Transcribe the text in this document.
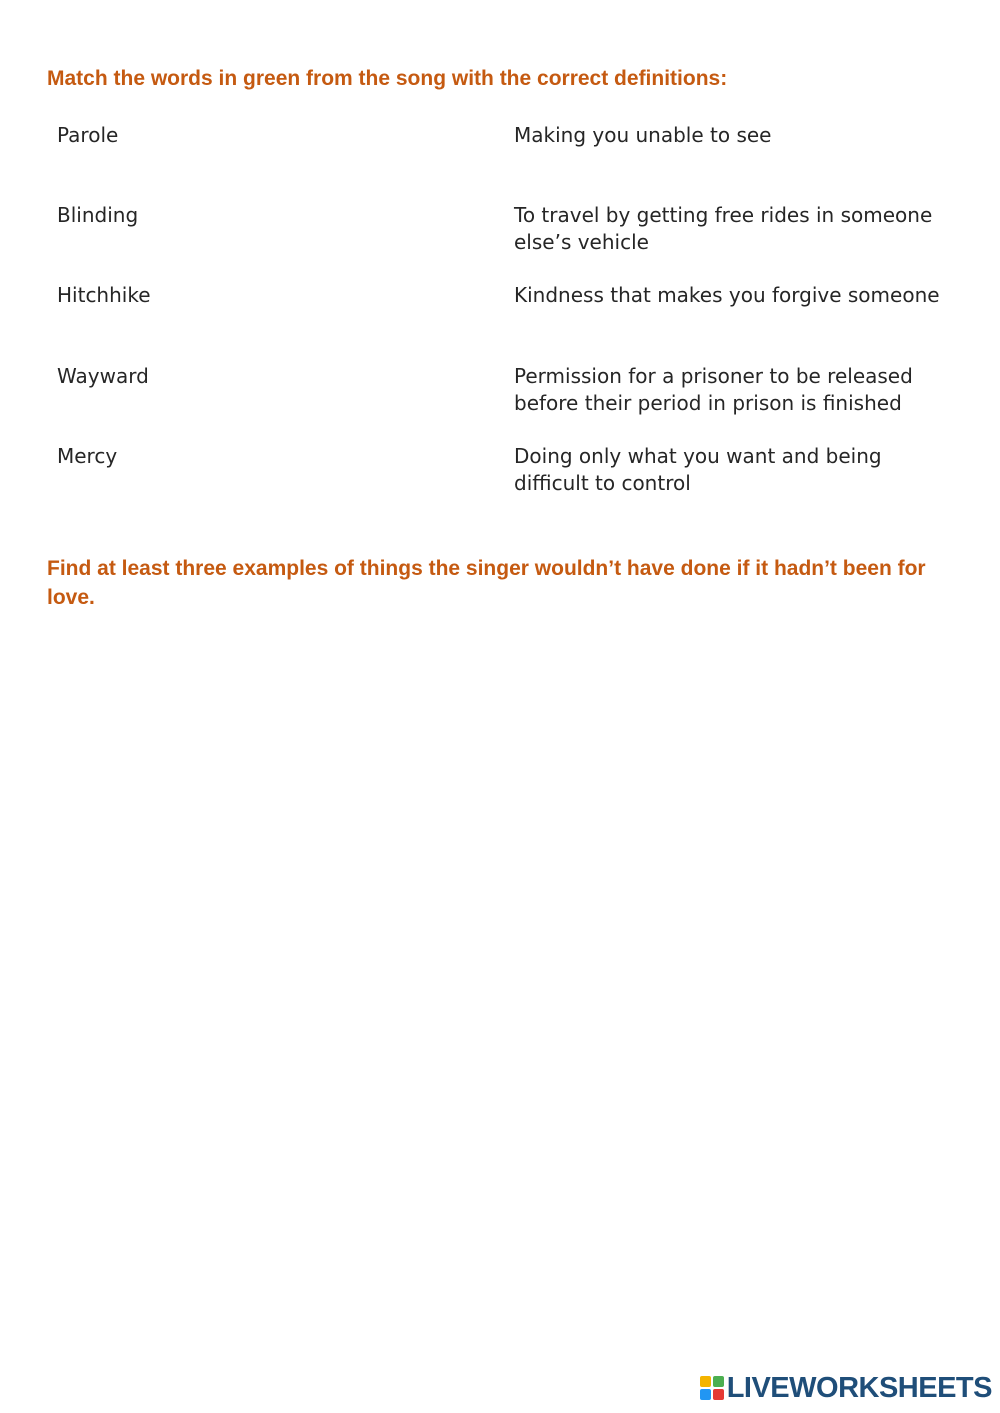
Match the words in green from the song with the correct definitions:
Parole	Making you unable to see
Blinding	To travel by getting free rides in someone else’s vehicle
Hitchhike	Kindness that makes you forgive someone
Wayward	Permission for a prisoner to be released before their period in prison is finished
Mercy	Doing only what you want and being difficult to control
Find at least three examples of things the singer wouldn’t have done if it hadn’t been for love.
LIVEWORKSHEETS
